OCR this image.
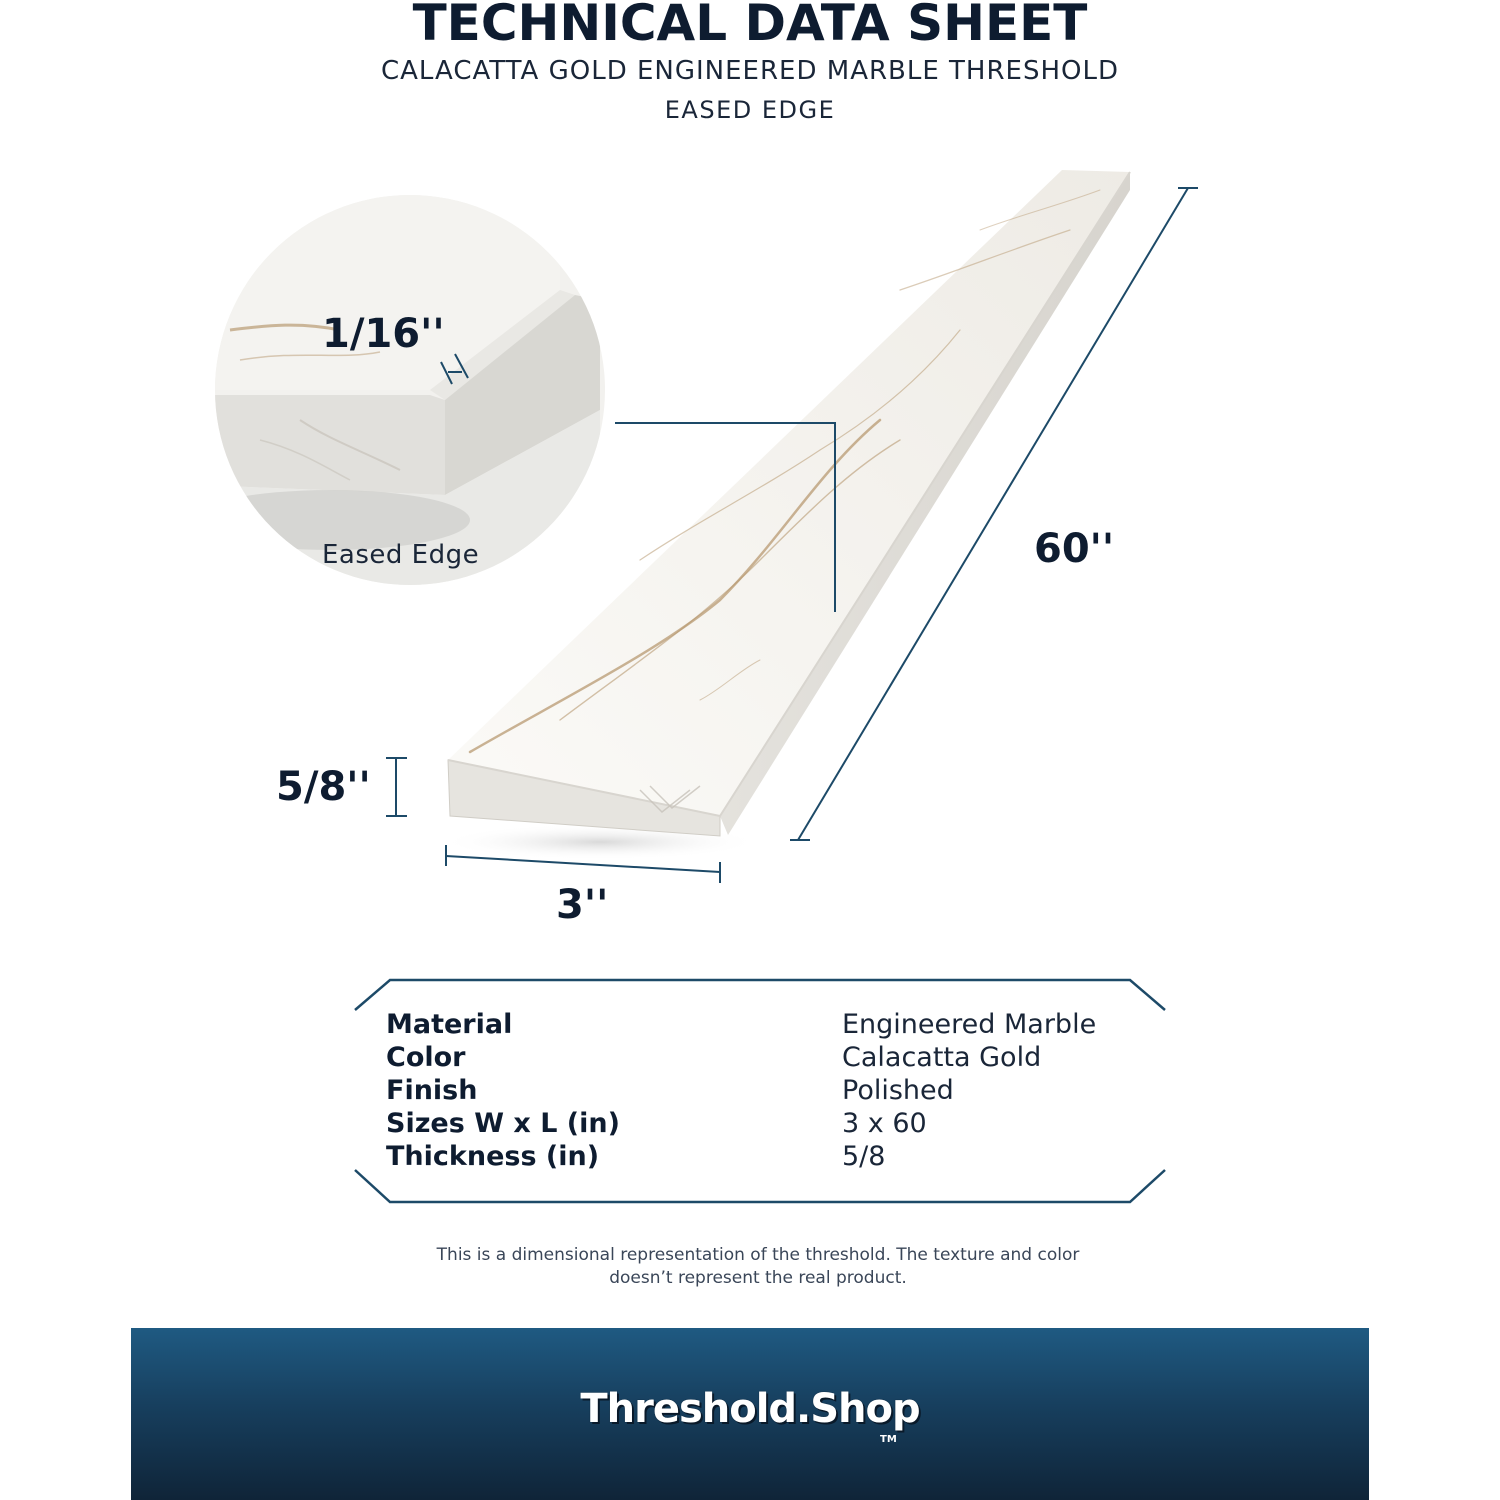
TECHNICAL DATA SHEET
CALACATTA GOLD ENGINEERED MARBLE THRESHOLD
EASED EDGE
1/16''
60''
5/8''
3''
Eased Edge
Material	Engineered Marble
Color	Calacatta Gold
Finish	Polished
Sizes W x L (in)	3 x 60
Thickness (in)	5/8
This is a dimensional representation of the threshold. The texture and color
doesn’t represent the real product.
Threshold.Shop
TM
